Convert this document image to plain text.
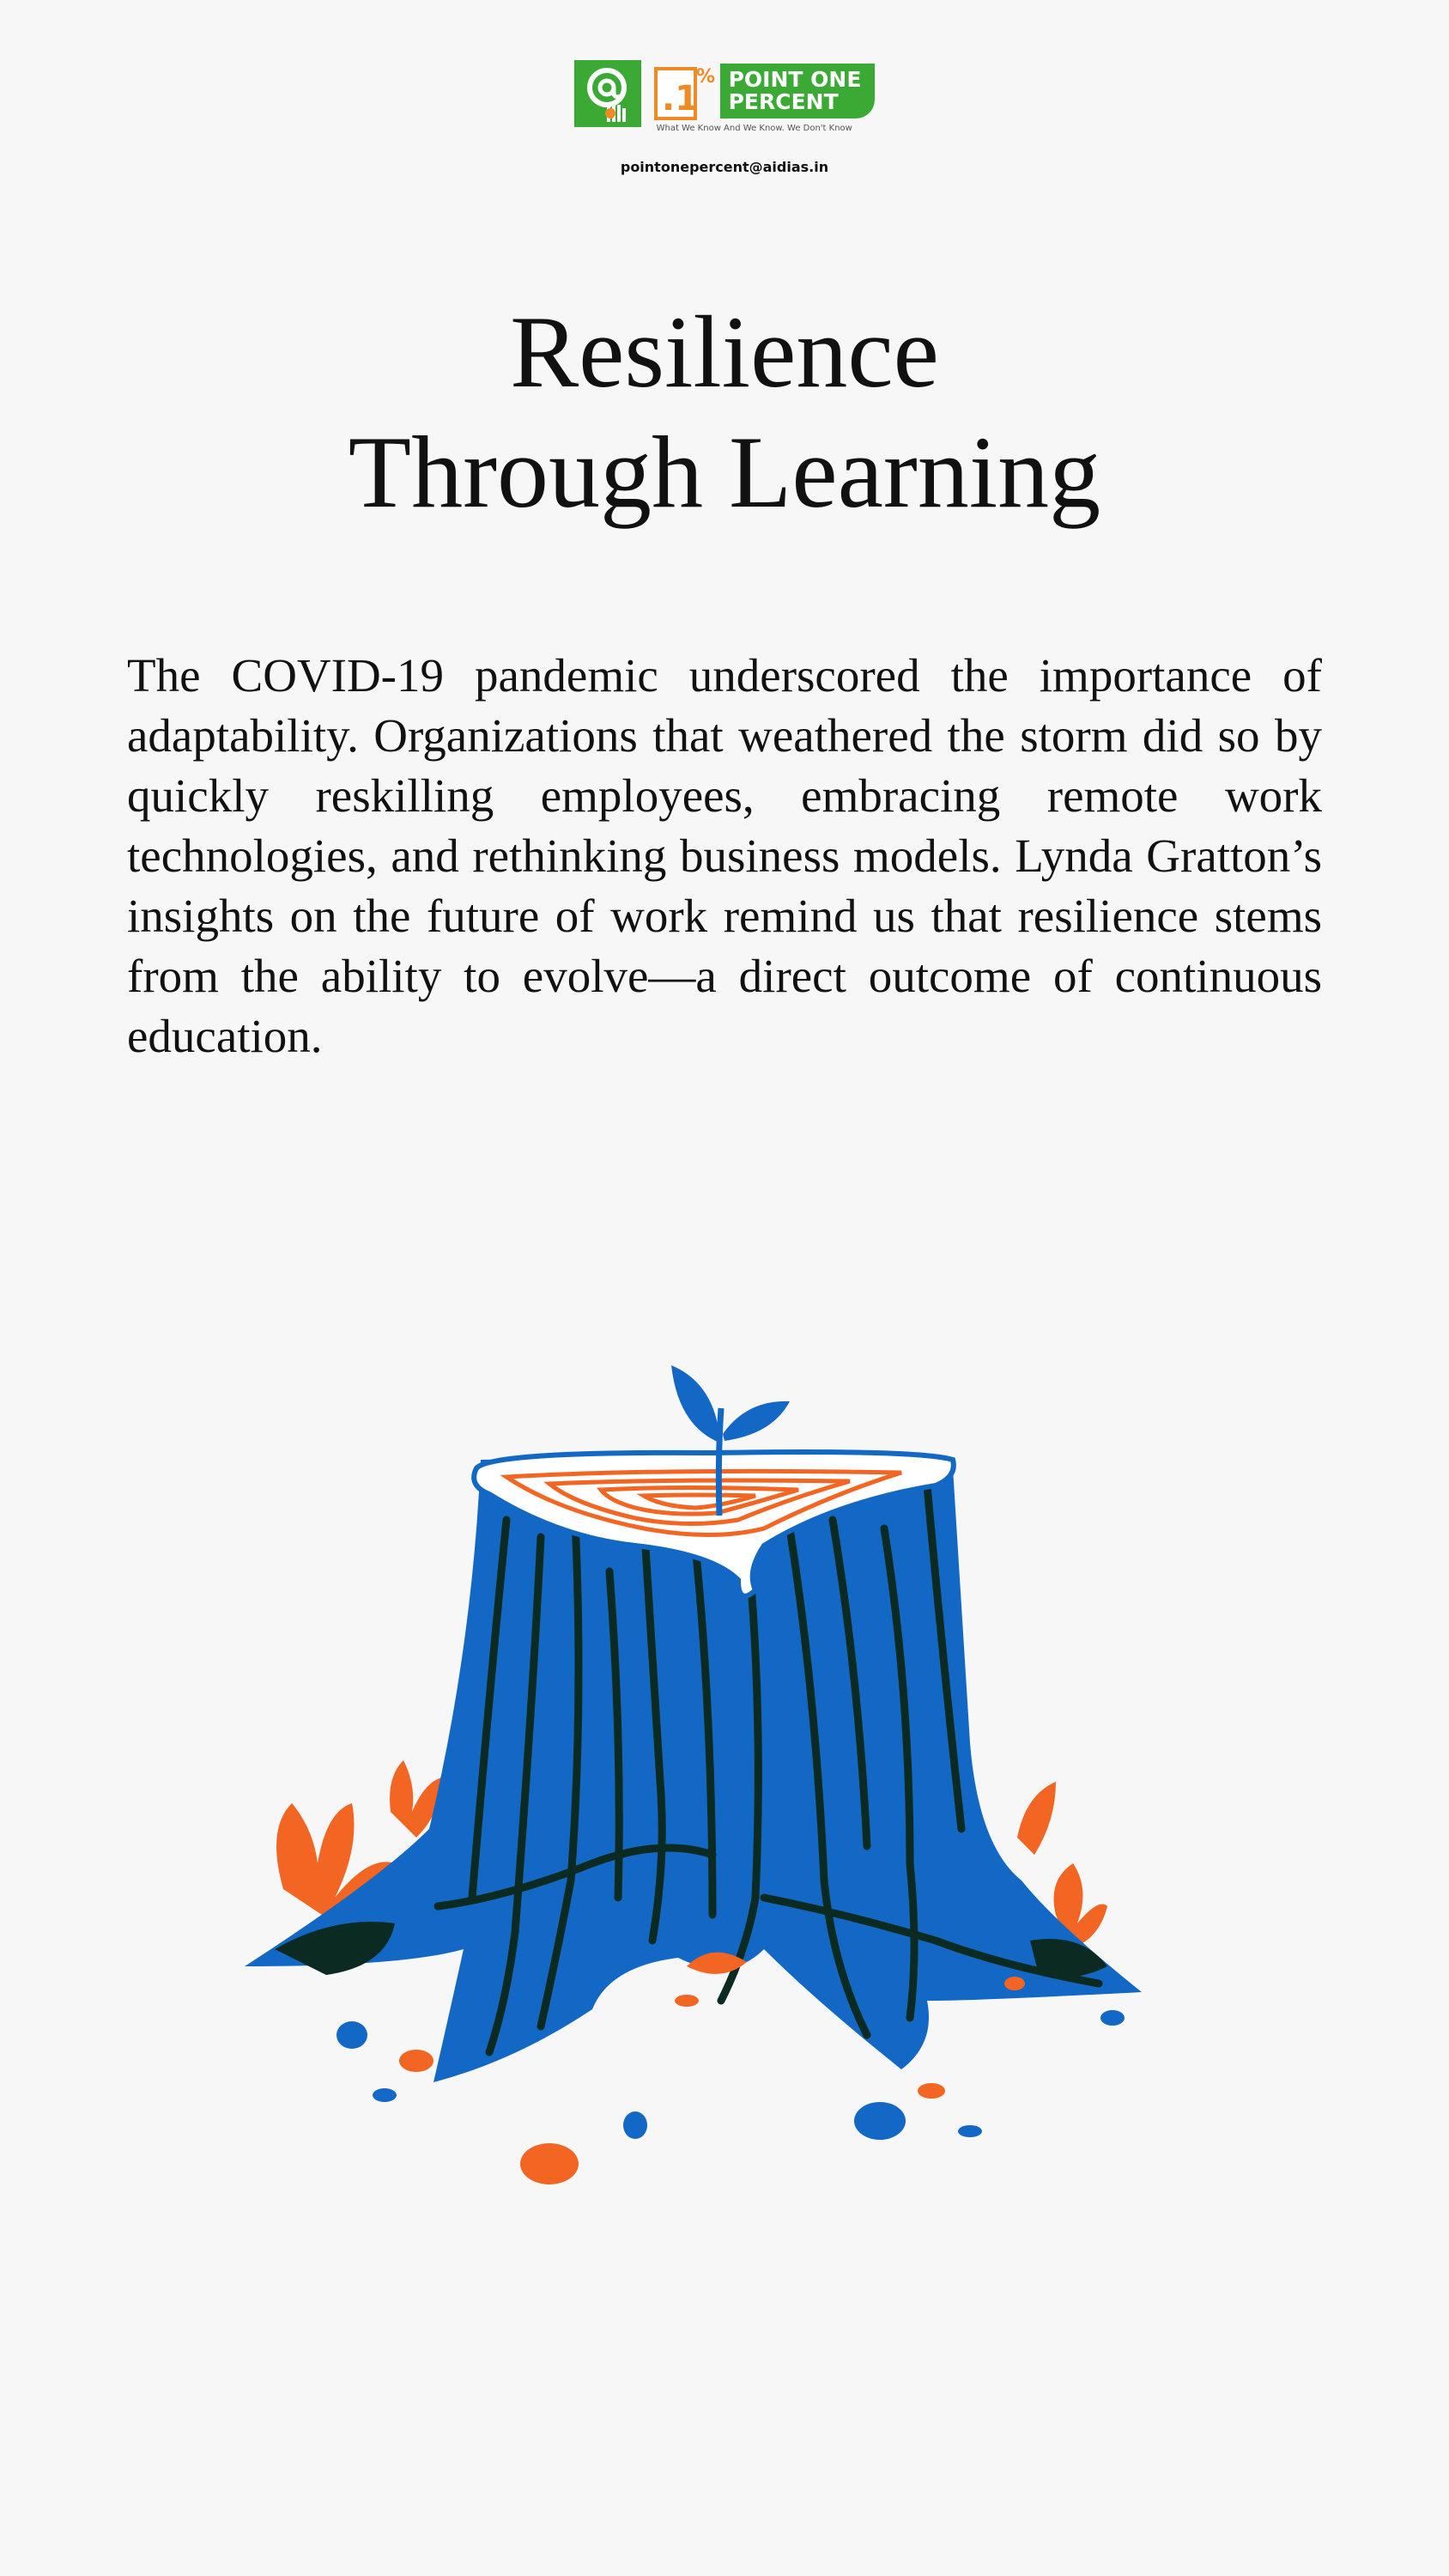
.1
% POINT ONE
PERCENT
What We Know And We Know. We Don't Know
pointonepercent@aidias.in
Resilience
Through Learning

The COVID-19 pandemic underscored the importance of adaptability. Organizations that weathered the storm did so by quickly reskilling employees, embracing remote work technologies, and rethinking business models. Lynda Gratton’s insights on the future of work remind us that resilience stems from the ability to evolve—a direct outcome of continuous education.
